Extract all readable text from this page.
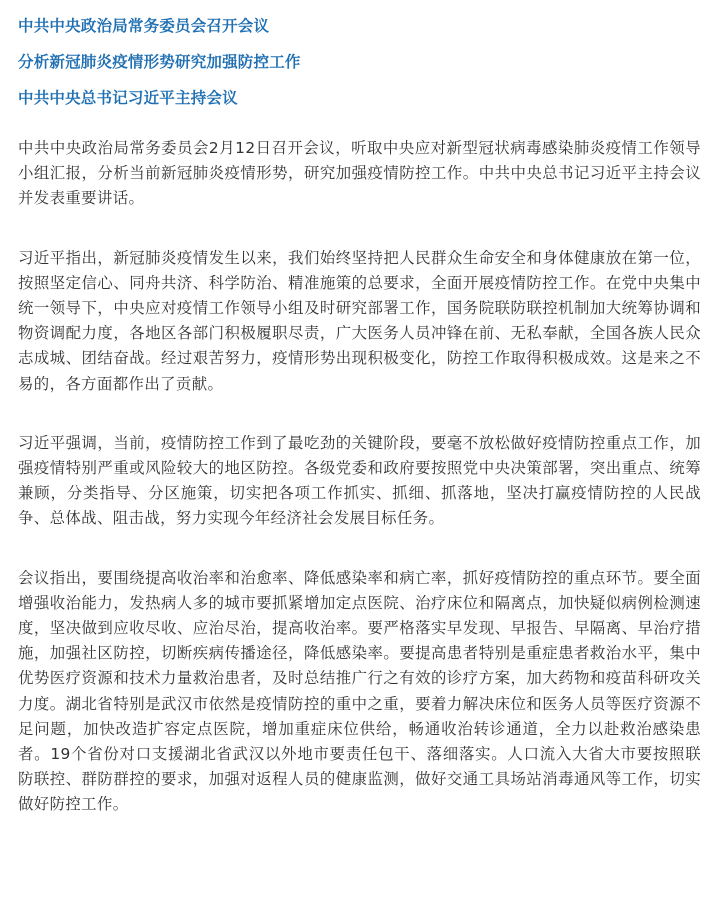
中共中央政治局常务委员会召开会议
分析新冠肺炎疫情形势研究加强防控工作
中共中央总书记习近平主持会议

中共中央政治局常务委员会2月12日召开会议，听取中央应对新型冠状病毒感染肺炎疫情工作领导小组汇报，分析当前新冠肺炎疫情形势，研究加强疫情防控工作。中共中央总书记习近平主持会议并发表重要讲话。

习近平指出，新冠肺炎疫情发生以来，我们始终坚持把人民群众生命安全和身体健康放在第一位，按照坚定信心、同舟共济、科学防治、精准施策的总要求，全面开展疫情防控工作。在党中央集中统一领导下，中央应对疫情工作领导小组及时研究部署工作，国务院联防联控机制加大统筹协调和物资调配力度，各地区各部门积极履职尽责，广大医务人员冲锋在前、无私奉献，全国各族人民众志成城、团结奋战。经过艰苦努力，疫情形势出现积极变化，防控工作取得积极成效。这是来之不易的，各方面都作出了贡献。

习近平强调，当前，疫情防控工作到了最吃劲的关键阶段，要毫不放松做好疫情防控重点工作，加强疫情特别严重或风险较大的地区防控。各级党委和政府要按照党中央决策部署，突出重点、统筹兼顾，分类指导、分区施策，切实把各项工作抓实、抓细、抓落地，坚决打赢疫情防控的人民战争、总体战、阻击战，努力实现今年经济社会发展目标任务。

会议指出，要围绕提高收治率和治愈率、降低感染率和病亡率，抓好疫情防控的重点环节。要全面增强收治能力，发热病人多的城市要抓紧增加定点医院、治疗床位和隔离点，加快疑似病例检测速度，坚决做到应收尽收、应治尽治，提高收治率。要严格落实早发现、早报告、早隔离、早治疗措施，加强社区防控，切断疾病传播途径，降低感染率。要提高患者特别是重症患者救治水平，集中优势医疗资源和技术力量救治患者，及时总结推广行之有效的诊疗方案，加大药物和疫苗科研攻关力度。湖北省特别是武汉市依然是疫情防控的重中之重，要着力解决床位和医务人员等医疗资源不足问题，加快改造扩容定点医院，增加重症床位供给，畅通收治转诊通道，全力以赴救治感染患者。19个省份对口支援湖北省武汉以外地市要责任包干、落细落实。人口流入大省大市要按照联防联控、群防群控的要求，加强对返程人员的健康监测，做好交通工具场站消毒通风等工作，切实做好防控工作。
